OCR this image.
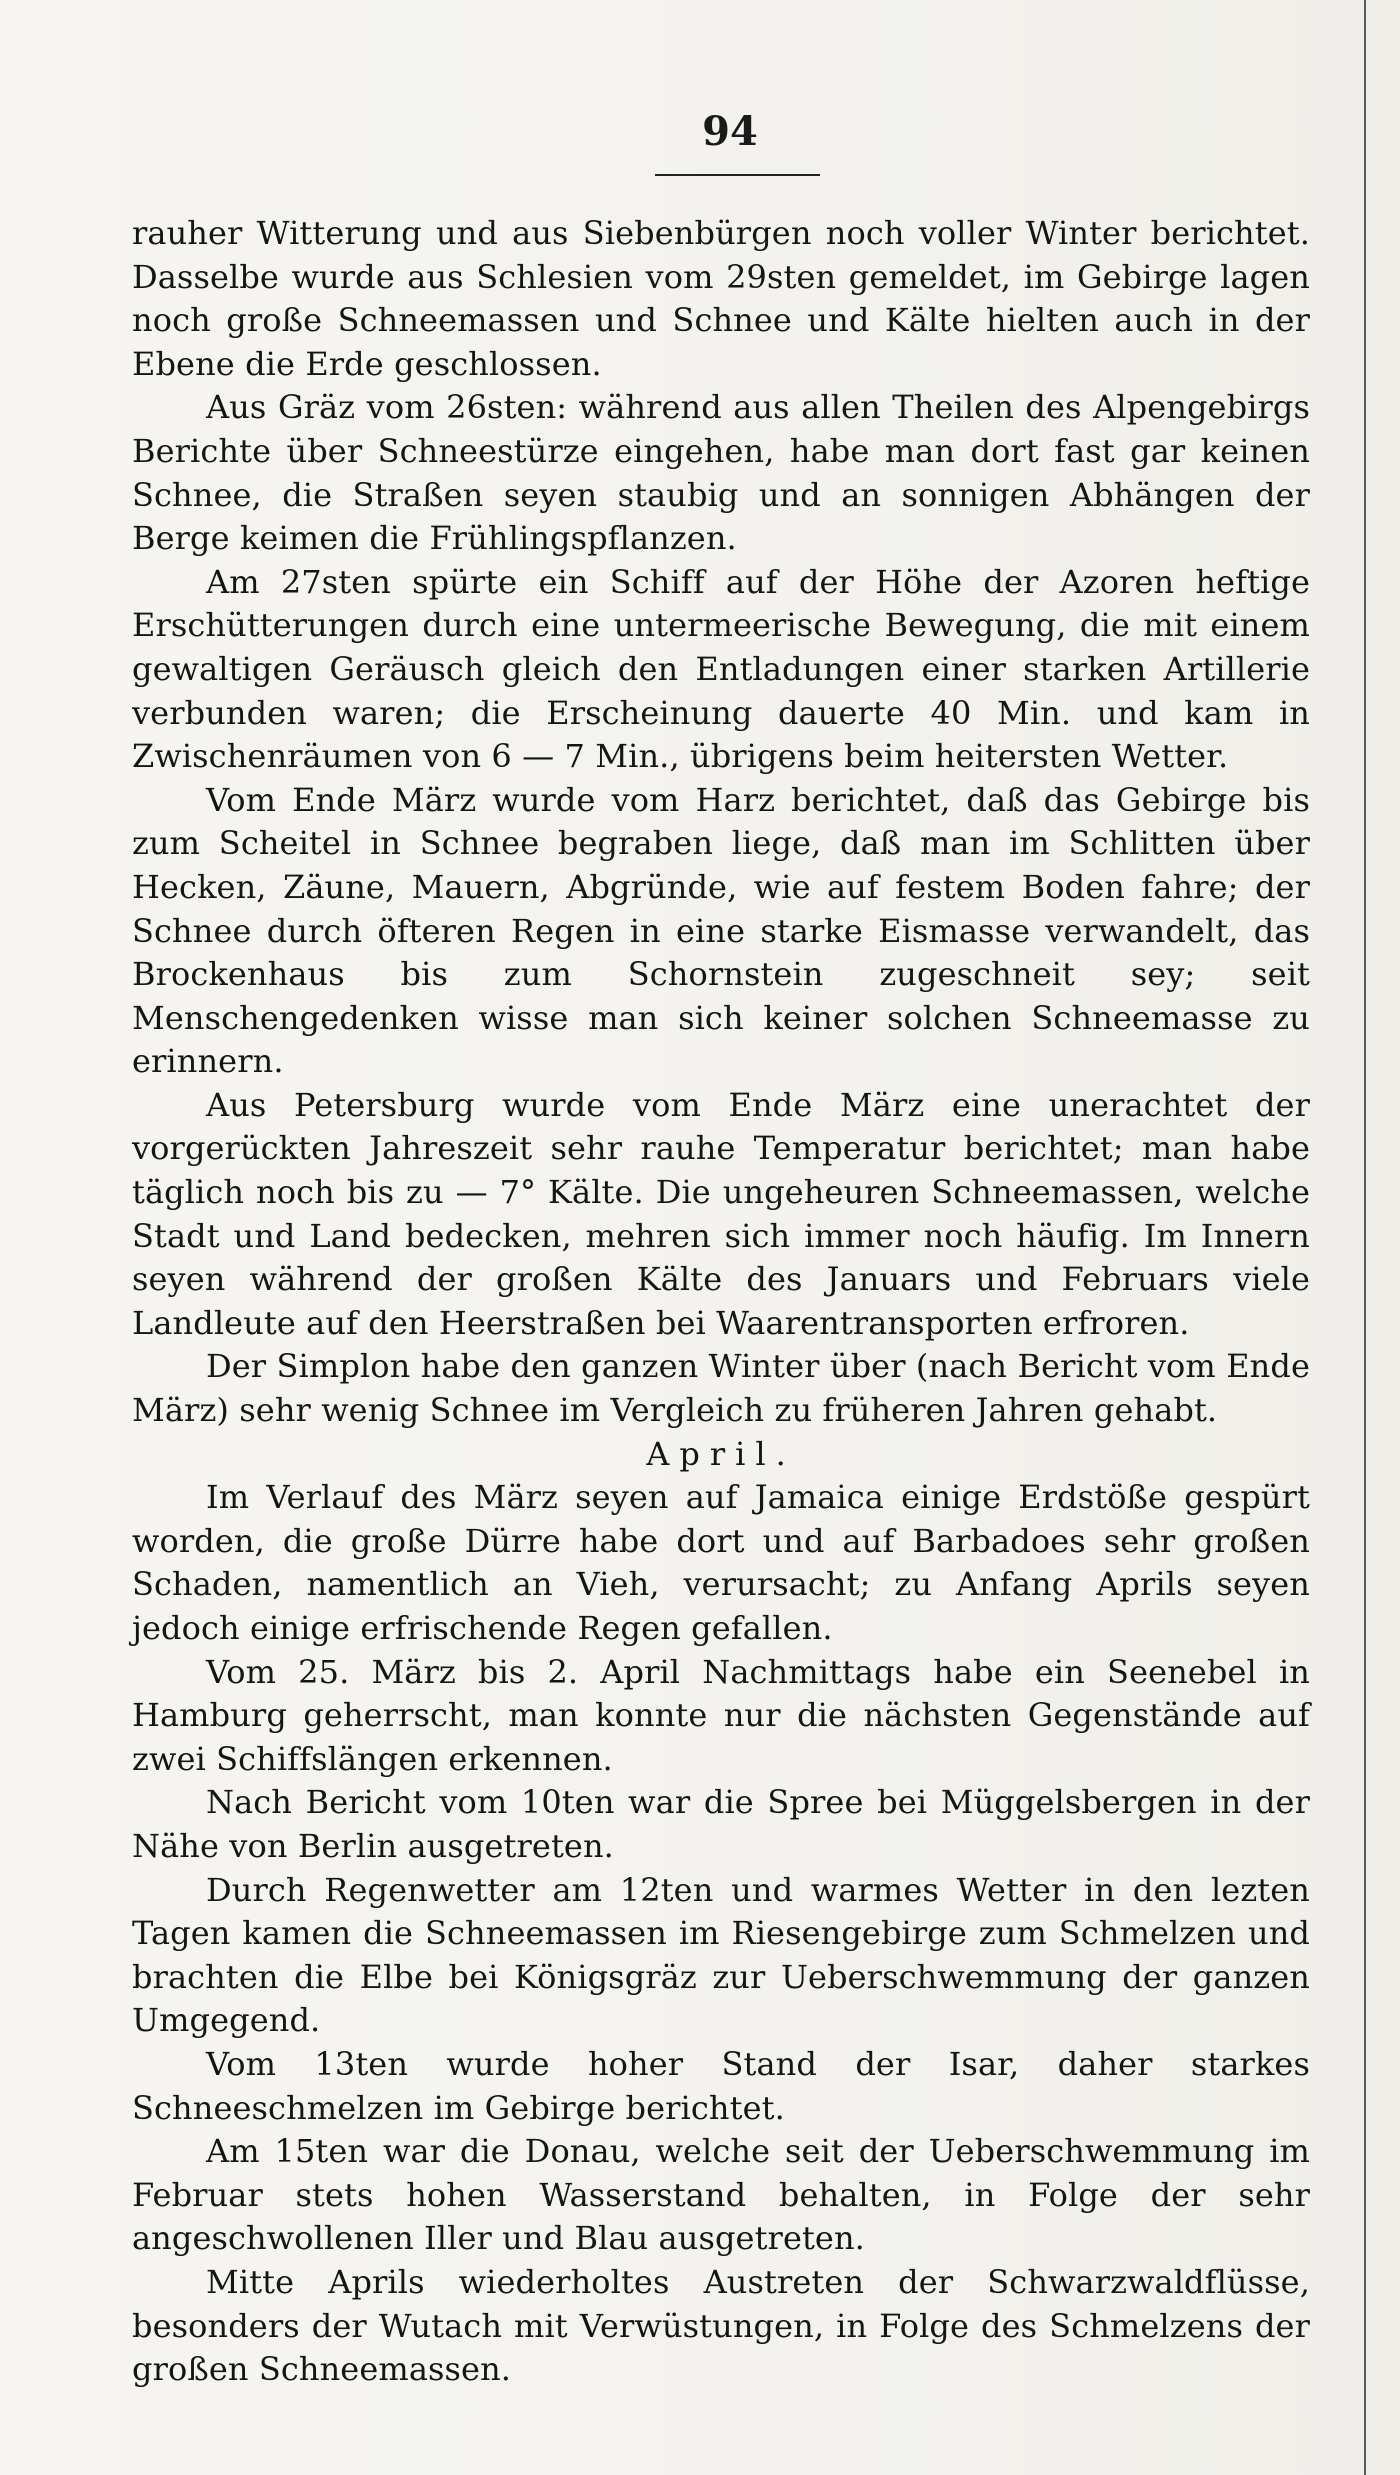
94

rauher Witterung und aus Siebenbürgen noch voller Winter berichtet. Dasselbe wurde aus Schlesien vom 29sten gemeldet, im Gebirge lagen noch große Schneemassen und Schnee und Kälte hielten auch in der Ebene die Erde geschlossen.

Aus Gräz vom 26sten: während aus allen Theilen des Alpengebirgs Berichte über Schneestürze eingehen, habe man dort fast gar keinen Schnee, die Straßen seyen staubig und an sonnigen Abhängen der Berge keimen die Frühlingspflanzen.

Am 27sten spürte ein Schiff auf der Höhe der Azoren heftige Erschütterungen durch eine untermeerische Bewegung, die mit einem gewaltigen Geräusch gleich den Entladungen einer starken Artillerie verbunden waren; die Erscheinung dauerte 40 Min. und kam in Zwischenräumen von 6 — 7 Min., übrigens beim heitersten Wetter.

Vom Ende März wurde vom Harz berichtet, daß das Gebirge bis zum Scheitel in Schnee begraben liege, daß man im Schlitten über Hecken, Zäune, Mauern, Abgründe, wie auf festem Boden fahre; der Schnee durch öfteren Regen in eine starke Eismasse verwandelt, das Brockenhaus bis zum Schornstein zugeschneit sey; seit Menschengedenken wisse man sich keiner solchen Schneemasse zu erinnern.

Aus Petersburg wurde vom Ende März eine unerachtet der vorgerückten Jahreszeit sehr rauhe Temperatur berichtet; man habe täglich noch bis zu — 7° Kälte. Die ungeheuren Schneemassen, welche Stadt und Land bedecken, mehren sich immer noch häufig. Im Innern seyen während der großen Kälte des Januars und Februars viele Landleute auf den Heerstraßen bei Waarentransporten erfroren.

Der Simplon habe den ganzen Winter über (nach Bericht vom Ende März) sehr wenig Schnee im Vergleich zu früheren Jahren gehabt.

April.

Im Verlauf des März seyen auf Jamaica einige Erdstöße gespürt worden, die große Dürre habe dort und auf Barbadoes sehr großen Schaden, namentlich an Vieh, verursacht; zu Anfang Aprils seyen jedoch einige erfrischende Regen gefallen.

Vom 25. März bis 2. April Nachmittags habe ein Seenebel in Hamburg geherrscht, man konnte nur die nächsten Gegenstände auf zwei Schiffslängen erkennen.

Nach Bericht vom 10ten war die Spree bei Müggelsbergen in der Nähe von Berlin ausgetreten.

Durch Regenwetter am 12ten und warmes Wetter in den lezten Tagen kamen die Schneemassen im Riesengebirge zum Schmelzen und brachten die Elbe bei Königsgräz zur Ueberschwemmung der ganzen Umgegend.

Vom 13ten wurde hoher Stand der Isar, daher starkes Schneeschmelzen im Gebirge berichtet.

Am 15ten war die Donau, welche seit der Ueberschwemmung im Februar stets hohen Wasserstand behalten, in Folge der sehr angeschwollenen Iller und Blau ausgetreten.

Mitte Aprils wiederholtes Austreten der Schwarzwaldflüsse, besonders der Wutach mit Verwüstungen, in Folge des Schmelzens der großen Schneemassen.
